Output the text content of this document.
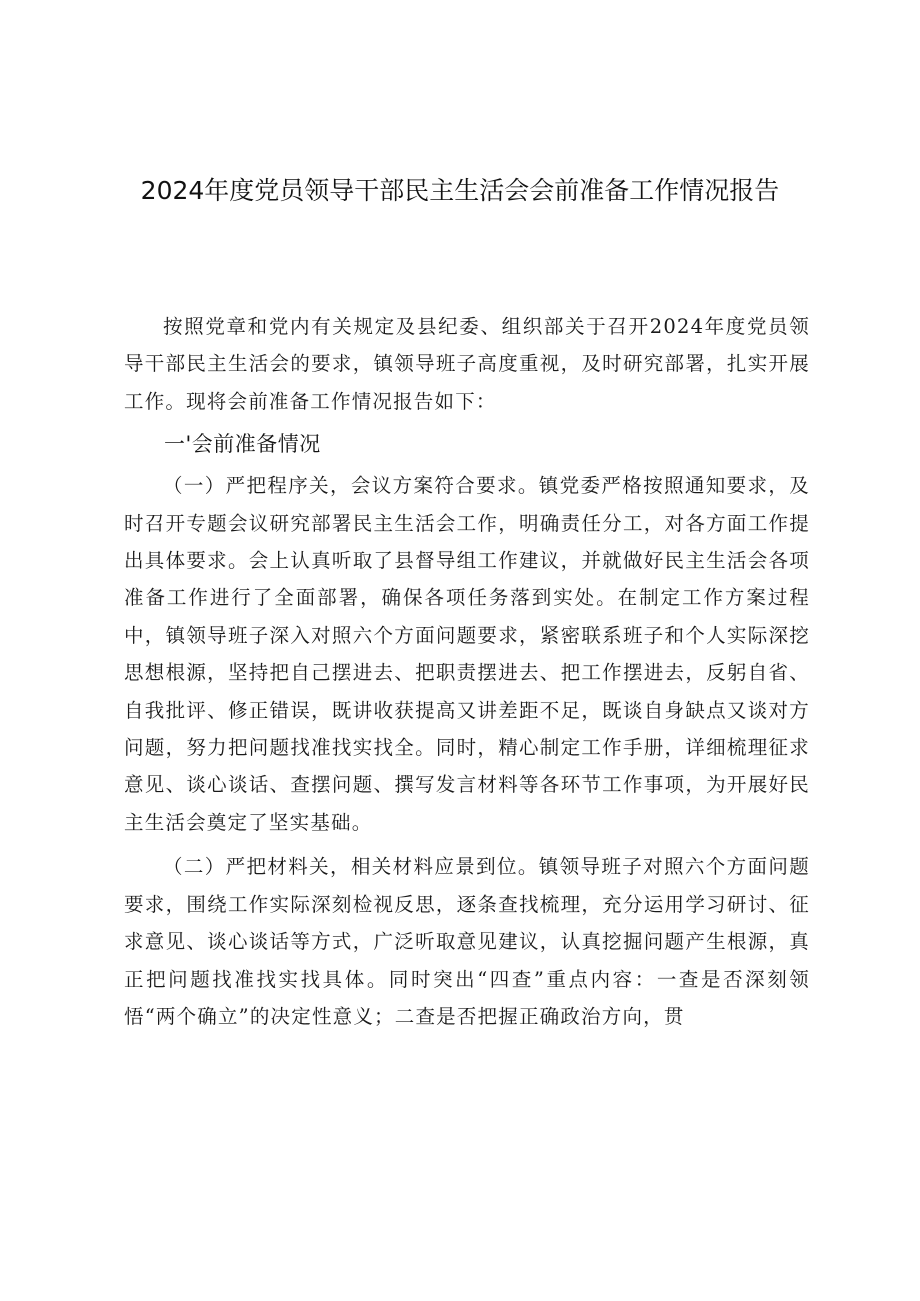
2024年度党员领导干部民主生活会会前准备工作情况报告

按照党章和党内有关规定及县纪委、组织部关于召开2024年度党员领导干部民主生活会的要求，镇领导班子高度重视，及时研究部署，扎实开展工作。现将会前准备工作情况报告如下：

一'会前准备情况

（一）严把程序关，会议方案符合要求。镇党委严格按照通知要求，及时召开专题会议研究部署民主生活会工作，明确责任分工，对各方面工作提出具体要求。会上认真听取了县督导组工作建议，并就做好民主生活会各项准备工作进行了全面部署，确保各项任务落到实处。在制定工作方案过程中，镇领导班子深入对照六个方面问题要求，紧密联系班子和个人实际深挖思想根源，坚持把自己摆进去、把职责摆进去、把工作摆进去，反躬自省、自我批评、修正错误，既讲收获提高又讲差距不足，既谈自身缺点又谈对方问题，努力把问题找准找实找全。同时，精心制定工作手册，详细梳理征求意见、谈心谈话、查摆问题、撰写发言材料等各环节工作事项，为开展好民主生活会奠定了坚实基础。

（二）严把材料关，相关材料应景到位。镇领导班子对照六个方面问题要求，围绕工作实际深刻检视反思，逐条查找梳理，充分运用学习研讨、征求意见、谈心谈话等方式，广泛听取意见建议，认真挖掘问题产生根源，真正把问题找准找实找具体。同时突出“四查”重点内容：一查是否深刻领悟“两个确立”的决定性意义；二查是否把握正确政治方向，贯
